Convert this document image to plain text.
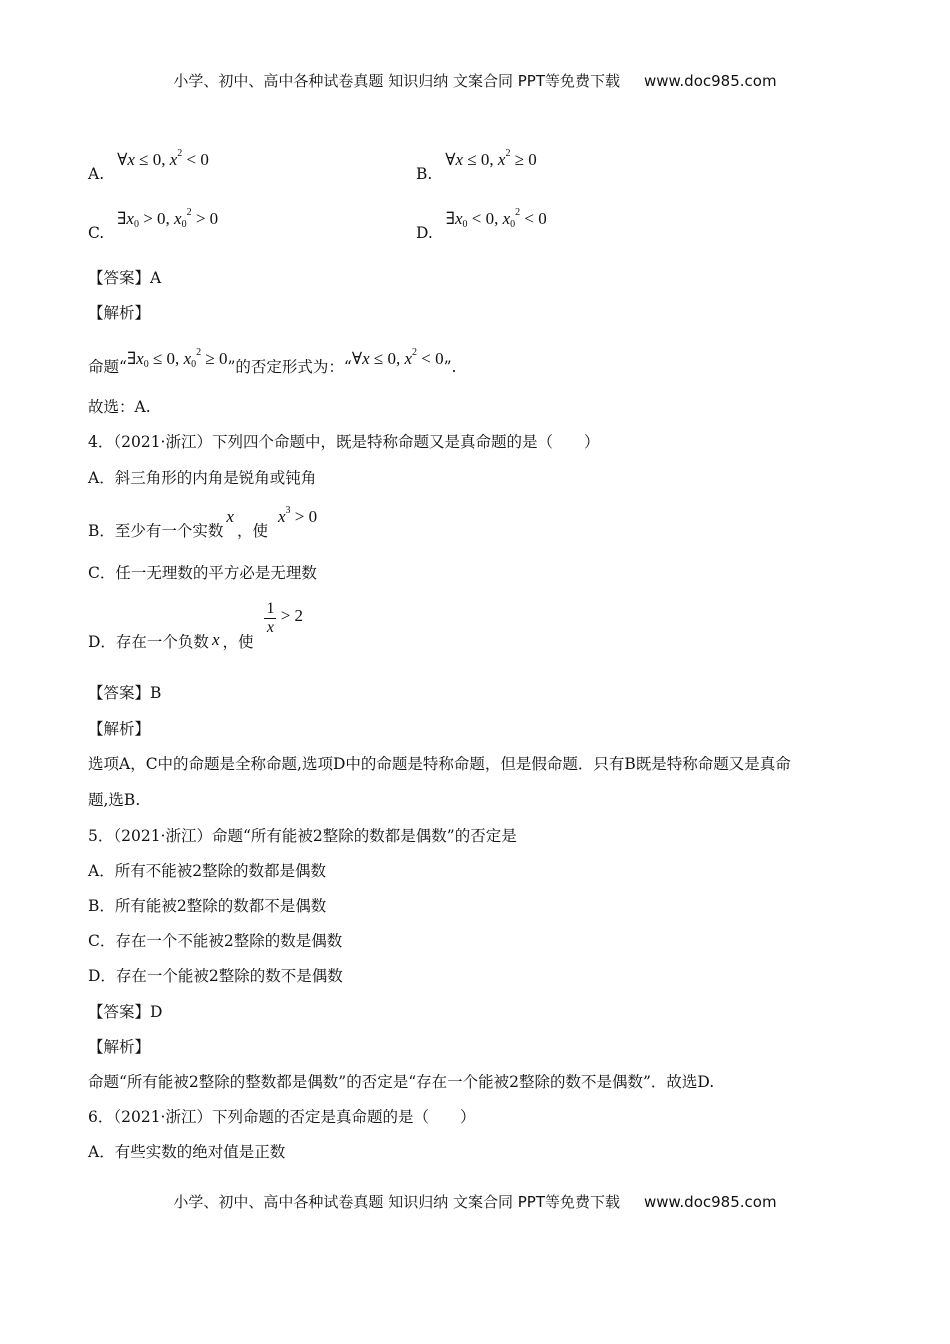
小学、初中、高中各种试卷真题 知识归纳 文案合同 PPT等免费下载 www.doc985.com
A. ∀x ≤ 0, $x^2 < 0$
B. ∀x ≤ 0, $x^2 \ge 0$
C. $\exists x_0 > 0$, $x_0^2 > 0$
D. $\exists x_0 < 0$, $x_0^2 < 0$
【答案】A
【解析】
命题“$\exists x_0 \le 0$, $x_0^2 \ge 0$”的否定形式为：“∀x ≤ 0, $x^2 < 0$”.
故选：A.
4．（2021·浙江）下列四个命题中，既是特称命题又是真命题的是（　　）
A．斜三角形的内角是锐角或钝角
B．至少有一个实数x，使$x^3 > 0$
C．任一无理数的平方必是无理数
D．存在一个负数 x ，使
$\frac{1}{x} > 2$
【答案】B
【解析】
选项A，C中的命题是全称命题,选项D中的命题是特称命题，但是假命题．只有B既是特称命题又是真命
题,选B.
5．（2021·浙江）命题“所有能被2整除的数都是偶数”的否定是
A．所有不能被2整除的数都是偶数
B．所有能被2整除的数都不是偶数
C．存在一个不能被2整除的数是偶数
D．存在一个能被2整除的数不是偶数
【答案】D
【解析】
命题“所有能被2整除的整数都是偶数”的否定是“存在一个能被2整除的数不是偶数”．故选D.
6．（2021·浙江）下列命题的否定是真命题的是（　　）
A．有些实数的绝对值是正数
小学、初中、高中各种试卷真题 知识归纳 文案合同 PPT等免费下载 www.doc985.com
